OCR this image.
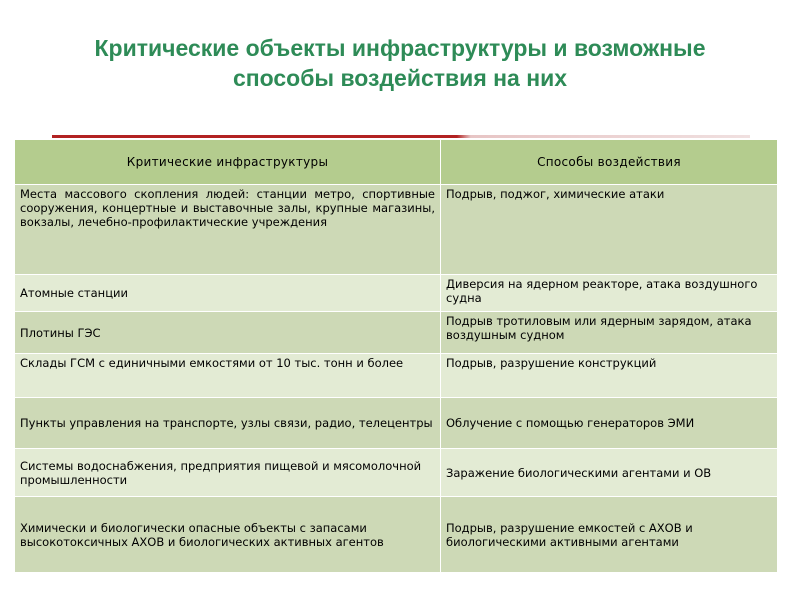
Критические объекты инфраструктуры и возможные
способы воздействия на них
Критические инфраструктуры	Способы воздействия
Места массового скопления людей: станции метро, спортивные сооружения, концертные и выставочные залы, крупные магазины, вокзалы, лечебно-профилактические учреждения	Подрыв, поджог, химические атаки
Атомные станции	Диверсия на ядерном реакторе, атака воздушного судна
Плотины ГЭС	Подрыв тротиловым или ядерным зарядом, атака воздушным судном
Склады ГСМ с единичными емкостями от 10 тыс. тонн и более	Подрыв, разрушение конструкций
Пункты управления на транспорте, узлы связи, радио, телецентры	Облучение с помощью генераторов ЭМИ
Системы водоснабжения, предприятия пищевой и мясомолочной промышленности	Заражение биологическими агентами и ОВ
Химически и биологически опасные объекты с запасами высокотоксичных АХОВ и биологических активных агентов	Подрыв, разрушение емкостей с АХОВ и биологическими активными агентами
